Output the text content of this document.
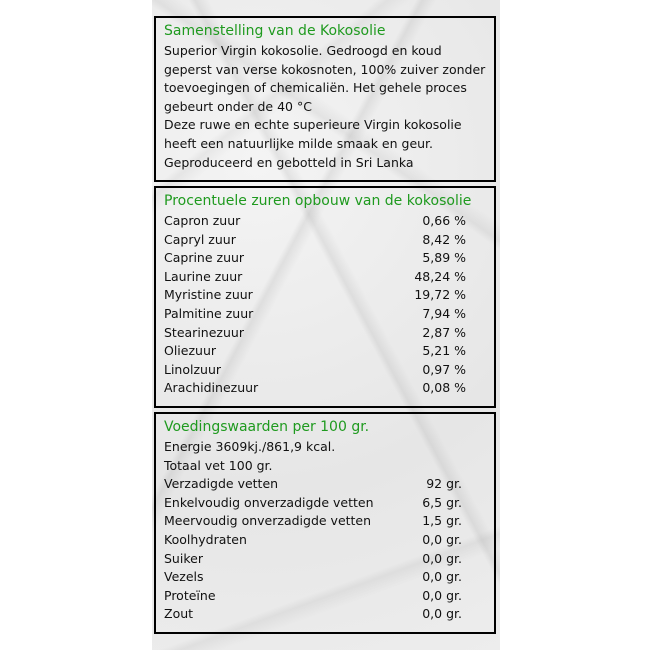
Samenstelling van de Kokosolie

Superior Virgin kokosolie. Gedroogd en koud geperst van verse kokosnoten, 100% zuiver zonder toevoegingen of chemicaliën. Het gehele proces gebeurt onder de 40 °C

Deze ruwe en echte superieure Virgin kokosolie heeft een natuurlijke milde smaak en geur. Geproduceerd en gebotteld in Sri Lanka

Procentuele zuren opbouw van de kokosolie
Capron zuur	0,66 %
Capryl zuur	8,42 %
Caprine zuur	5,89 %
Laurine zuur	48,24 %
Myristine zuur	19,72 %
Palmitine zuur	7,94 %
Stearinezuur	2,87 %
Oliezuur	5,21 %
Linolzuur	0,97 %
Arachidinezuur	0,08 %
Voedingswaarden per 100 gr.
Energie 3609kj./861,9 kcal.
Totaal vet 100 gr.
Verzadigde vetten	92 gr.
Enkelvoudig onverzadigde vetten	6,5 gr.
Meervoudig onverzadigde vetten	1,5 gr.
Koolhydraten	0,0 gr.
Suiker	0,0 gr.
Vezels	0,0 gr.
Proteïne	0,0 gr.
Zout	0,0 gr.
